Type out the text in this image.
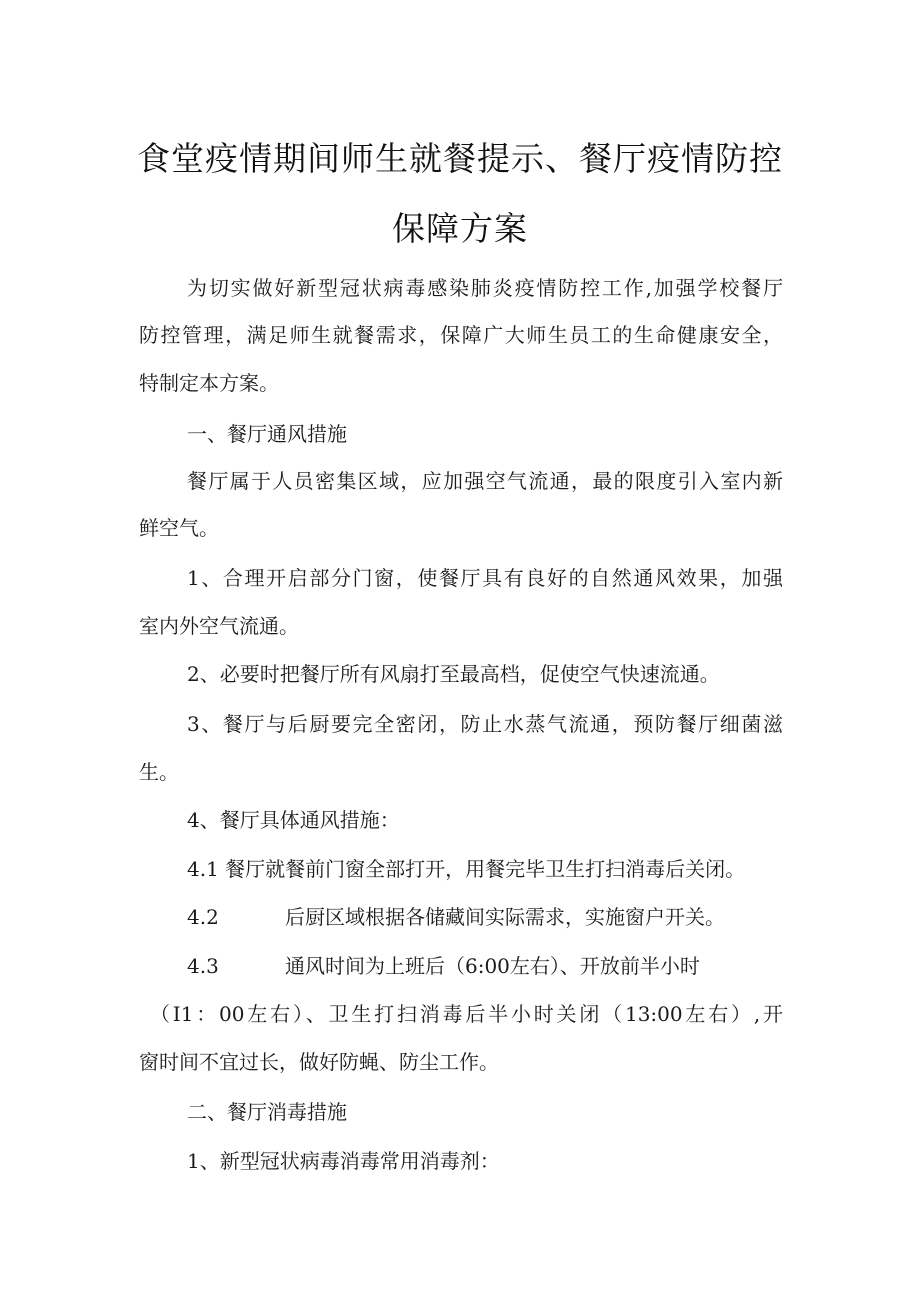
食堂疫情期间师生就餐提示、餐厅疫情防控
保障方案
为切实做好新型冠状病毒感染肺炎疫情防控工作,加强学校餐厅
防控管理，满足师生就餐需求，保障广大师生员工的生命健康安全，
特制定本方案。
一、餐厅通风措施
餐厅属于人员密集区域，应加强空气流通，最的限度引入室内新
鲜空气。
1、合理开启部分门窗，使餐厅具有良好的自然通风效果，加强
室内外空气流通。
2、必要时把餐厅所有风扇打至最高档，促使空气快速流通。
3、餐厅与后厨要完全密闭，防止水蒸气流通，预防餐厅细菌滋
生。
4、餐厅具体通风措施：
4.1 餐厅就餐前门窗全部打开，用餐完毕卫生打扫消毒后关闭。
4.2	后厨区域根据各储藏间实际需求，实施窗户开关。
4.3	通风时间为上班后（6:00左右）、开放前半小时
（I1：00左右）、卫生打扫消毒后半小时关闭（13:00左右）,开
窗时间不宜过长，做好防蝇、防尘工作。
二、餐厅消毒措施
1、新型冠状病毒消毒常用消毒剂：
